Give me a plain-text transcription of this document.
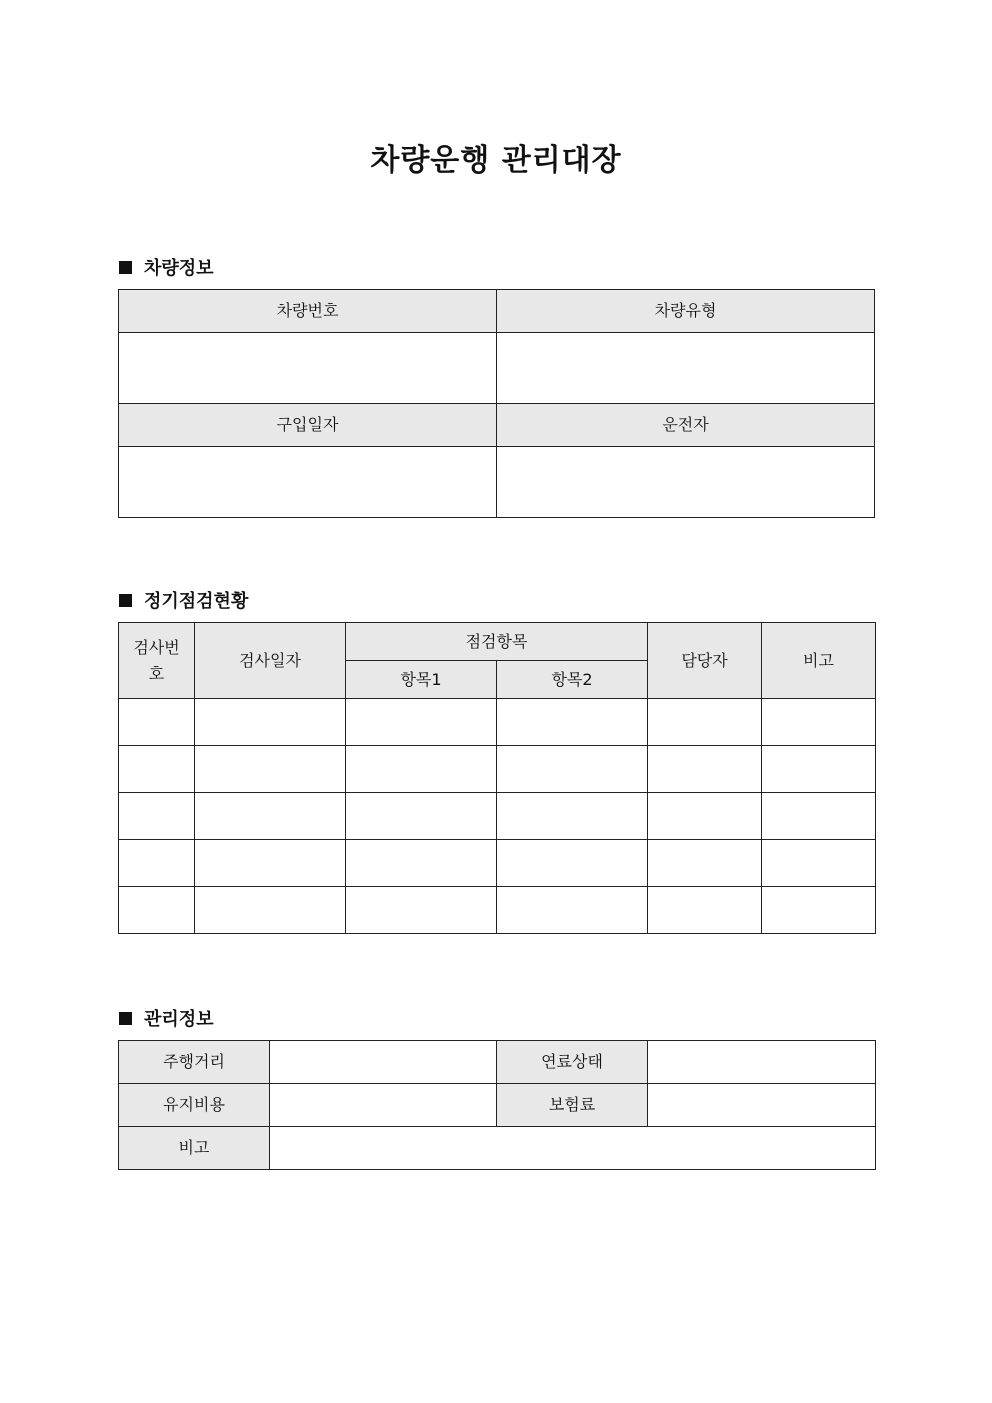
차량운행 관리대장
차량정보
차량번호	차량유형

구입일자	운전자

정기점검현황
검사번호	검사일자	점검항목		담당자	비고
		항목1	항목2		

관리정보
주행거리		연료상태	
유지비용		보험료	
비고			
